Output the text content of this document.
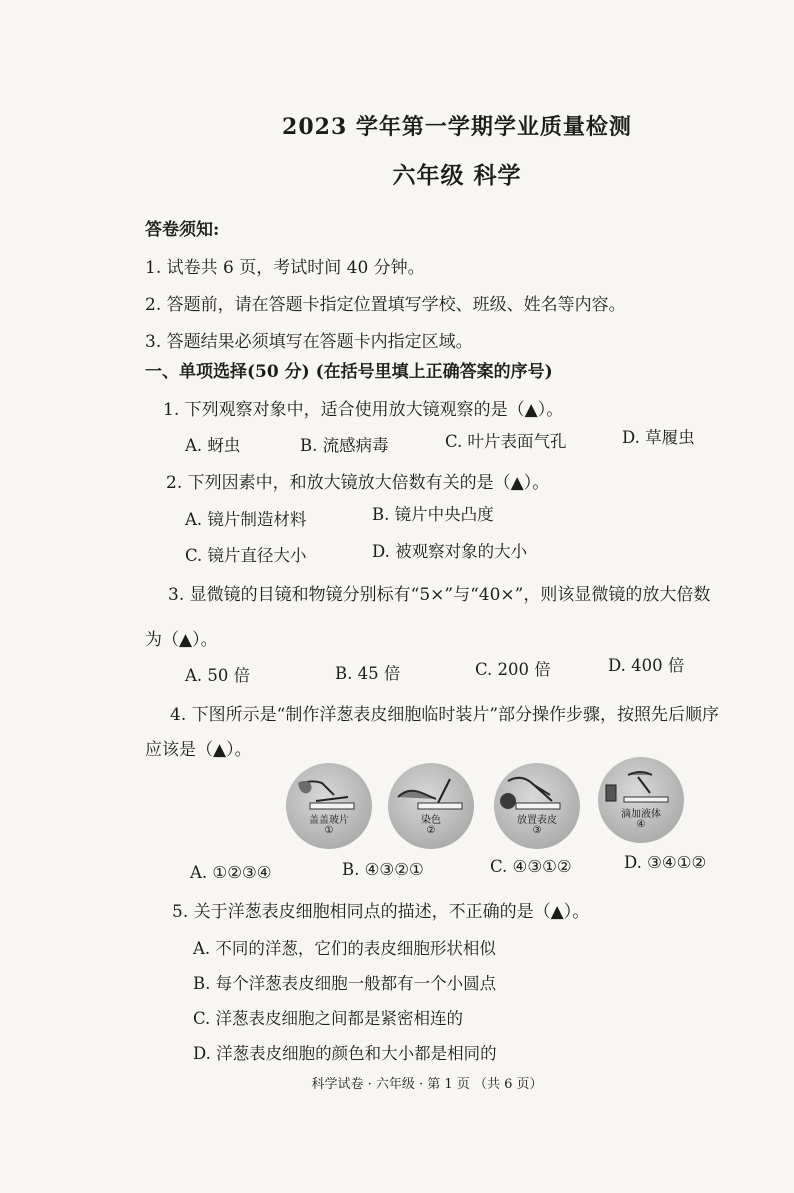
2023 学年第一学期学业质量检测
六年级 科学
答卷须知:
1. 试卷共 6 页，考试时间 40 分钟。
2. 答题前，请在答题卡指定位置填写学校、班级、姓名等内容。
3. 答题结果必须填写在答题卡内指定区域。
一、单项选择(50 分) (在括号里填上正确答案的序号)
1. 下列观察对象中，适合使用放大镜观察的是（▲）。
A. 蚜虫	B. 流感病毒	C. 叶片表面气孔	D. 草履虫
2. 下列因素中，和放大镜放大倍数有关的是（▲）。
A. 镜片制造材料	B. 镜片中央凸度
C. 镜片直径大小	D. 被观察对象的大小
3. 显微镜的目镜和物镜分别标有“5×”与“40×”，则该显微镜的放大倍数
为（▲）。
A. 50 倍	B. 45 倍	C. 200 倍	D. 400 倍
4. 下图所示是“制作洋葱表皮细胞临时装片”部分操作步骤，按照先后顺序
应该是（▲）。
盖盖玻片
①
染色
②
放置表皮
③
滴加液体
④
A. ①②③④	B. ④③②①	C. ④③①②	D. ③④①②
5. 关于洋葱表皮细胞相同点的描述，不正确的是（▲）。
A. 不同的洋葱，它们的表皮细胞形状相似
B. 每个洋葱表皮细胞一般都有一个小圆点
C. 洋葱表皮细胞之间都是紧密相连的
D. 洋葱表皮细胞的颜色和大小都是相同的
科学试卷 · 六年级 · 第 1 页 （共 6 页）
